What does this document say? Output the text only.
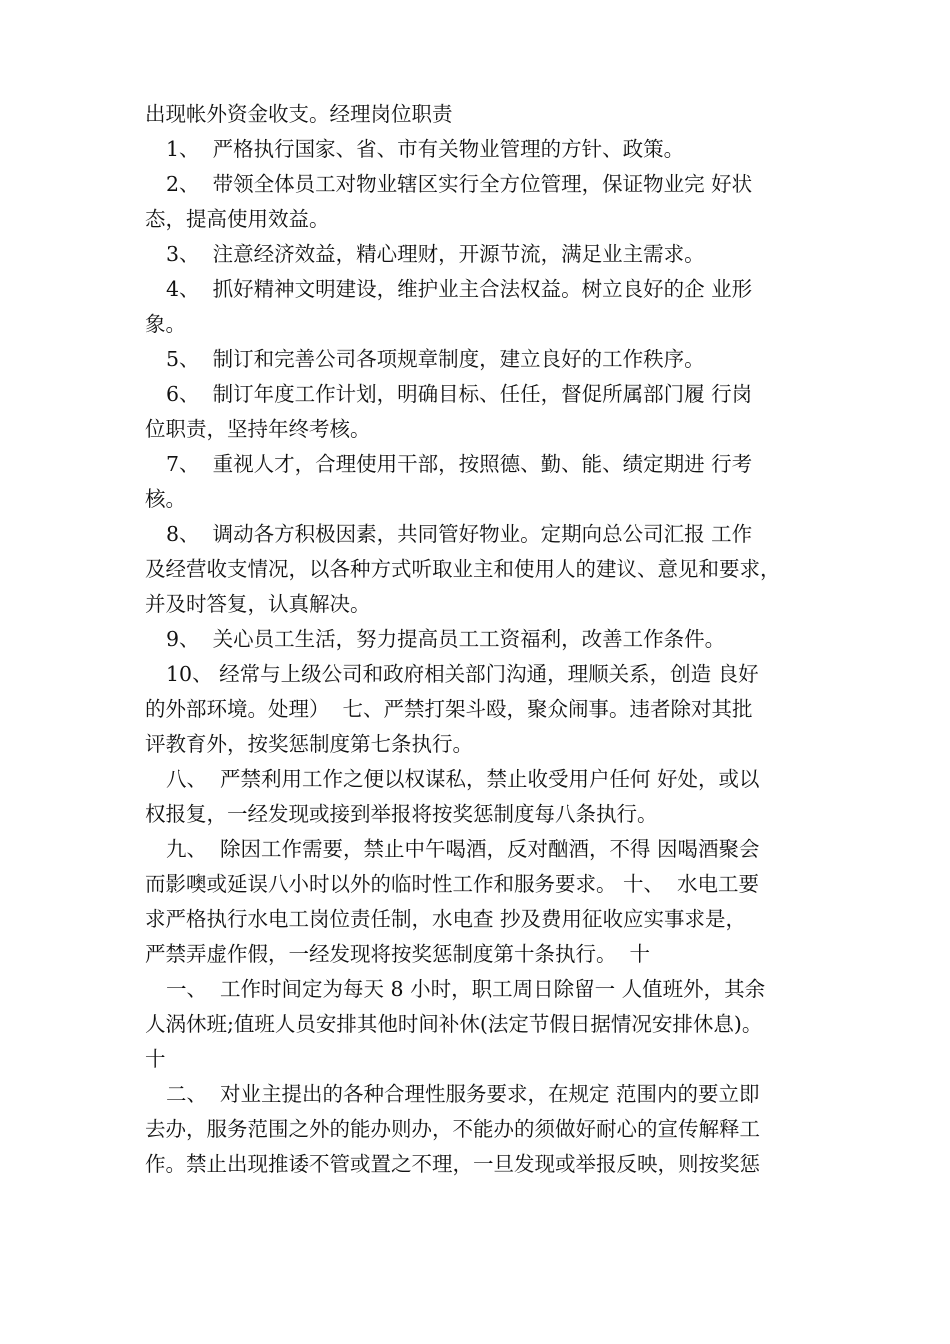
出现帐外资金收支。经理岗位职责
1、  严格执行国家、省、市有关物业管理的方针、政策。
2、  带领全体员工对物业辖区实行全方位管理，保证物业完 好状
态，提高使用效益。
3、  注意经济效益，精心理财，开源节流，满足业主需求。
4、  抓好精神文明建设，维护业主合法权益。树立良好的企 业形
象。
5、  制订和完善公司各项规章制度，建立良好的工作秩序。
6、  制订年度工作计划，明确目标、任任，督促所属部门履 行岗
位职责，坚持年终考核。
7、  重视人才，合理使用干部，按照德、勤、能、绩定期进 行考
核。
8、  调动各方积极因素，共同管好物业。定期向总公司汇报 工作
及经营收支情况，以各种方式听取业主和使用人的建议、意见和要求，
并及时答复，认真解决。
9、  关心员工生活，努力提高员工工资福利，改善工作条件。
10、 经常与上级公司和政府相关部门沟通，理顺关系，创造 良好
的外部环境。处理）  七、严禁打架斗殴，聚众闹事。违者除对其批
评教育外，按奖惩制度第七条执行。
八、  严禁利用工作之便以权谋私，禁止收受用户任何 好处，或以
权报复，一经发现或接到举报将按奖惩制度每八条执行。
九、  除因工作需要，禁止中午喝酒，反对酗酒，不得 因喝酒聚会
而影噢或延误八小时以外的临时性工作和服务要求。 十、  水电工要
求严格执行水电工岗位责任制，水电查 抄及费用征收应实事求是，
严禁弄虚作假，一经发现将按奖惩制度第十条执行。  十
一、  工作时间定为每天 8 小时，职工周日除留一 人值班外，其余
人涡休班;值班人员安排其他时间补休(法定节假日据情况安排休息)。
十
二、  对业主提出的各种合理性服务要求，在规定 范围内的要立即
去办，服务范围之外的能办则办，不能办的须做好耐心的宣传解释工
作。禁止出现推诿不管或置之不理，一旦发现或举报反映，则按奖惩
